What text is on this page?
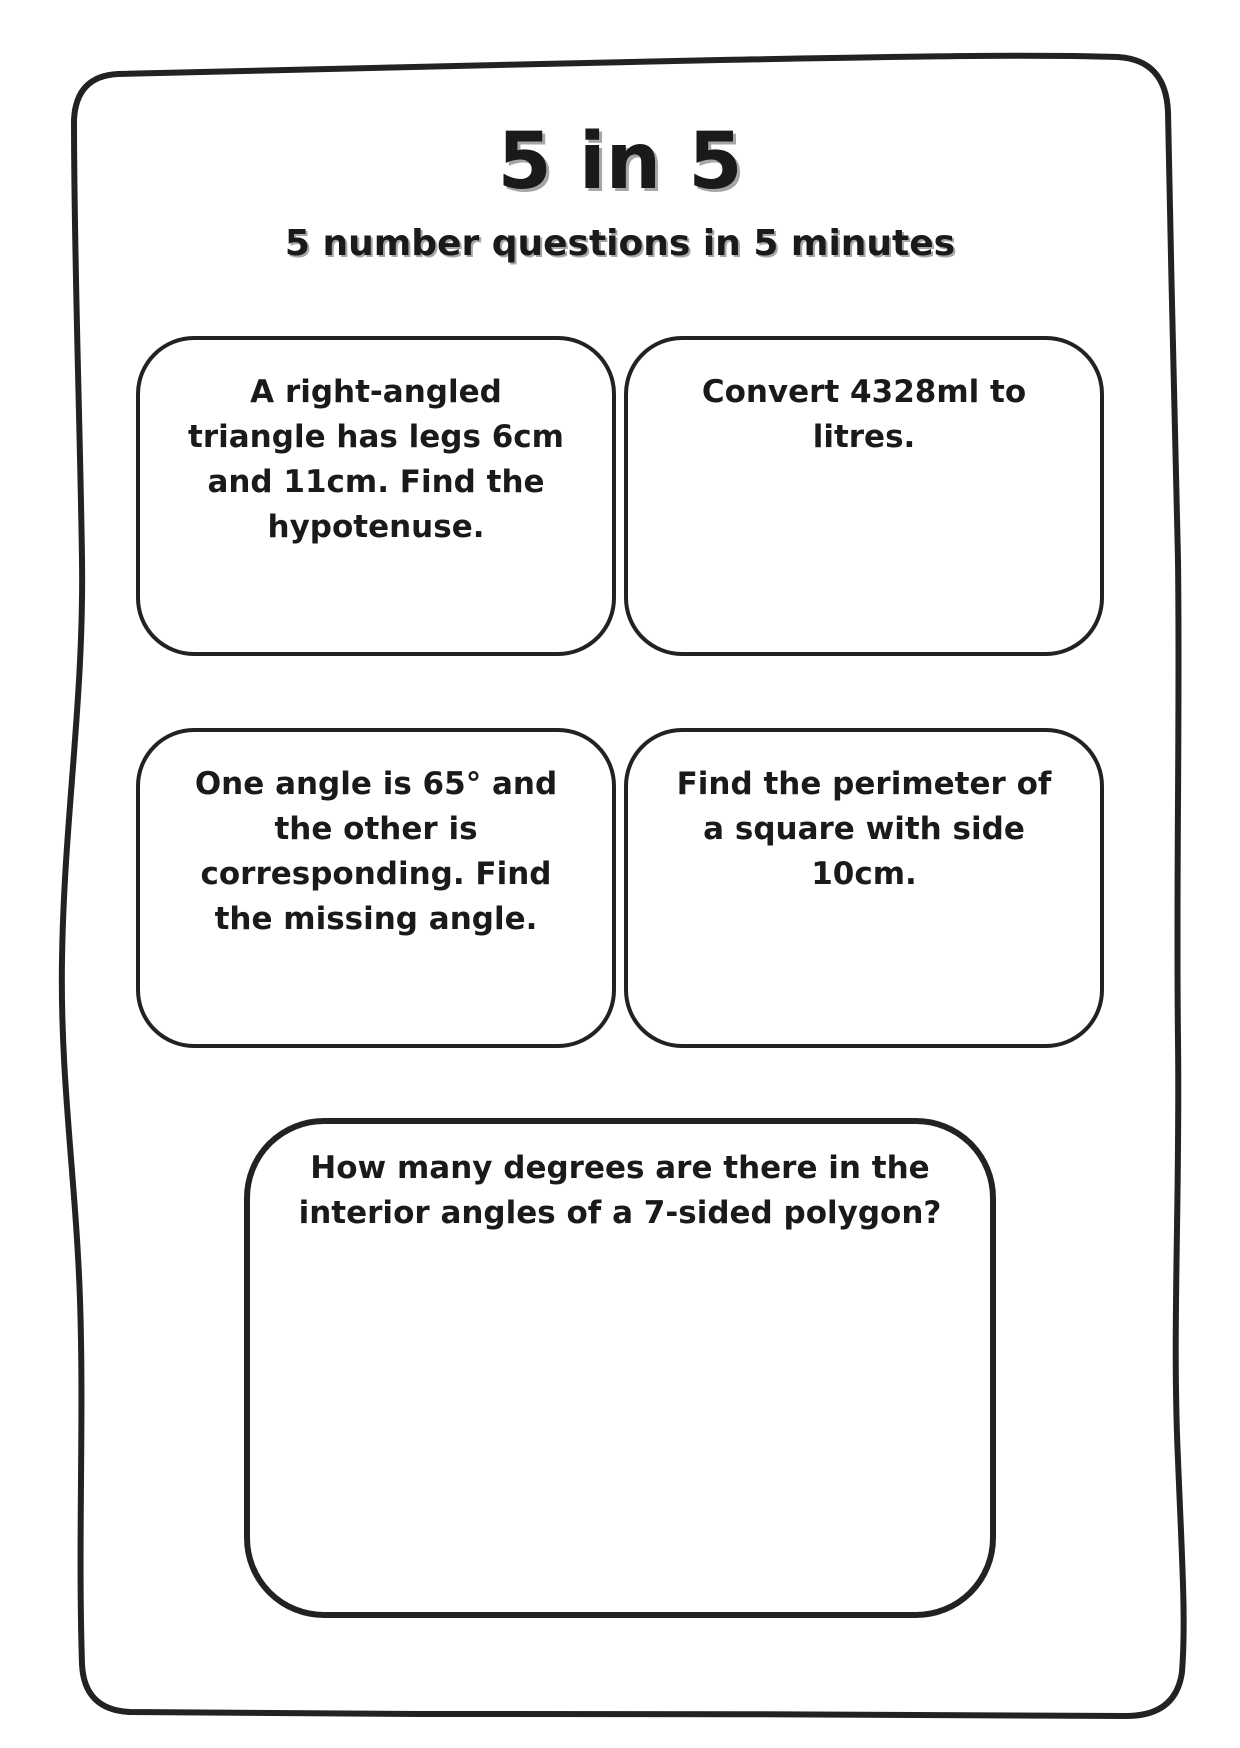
5 in 5
5 number questions in 5 minutes

A right-angled triangle has legs 6cm and 11cm. Find the hypotenuse.

Convert 4328ml to litres.

One angle is 65° and the other is corresponding. Find the missing angle.

Find the perimeter of a square with side 10cm.

How many degrees are there in the interior angles of a 7-sided polygon?
